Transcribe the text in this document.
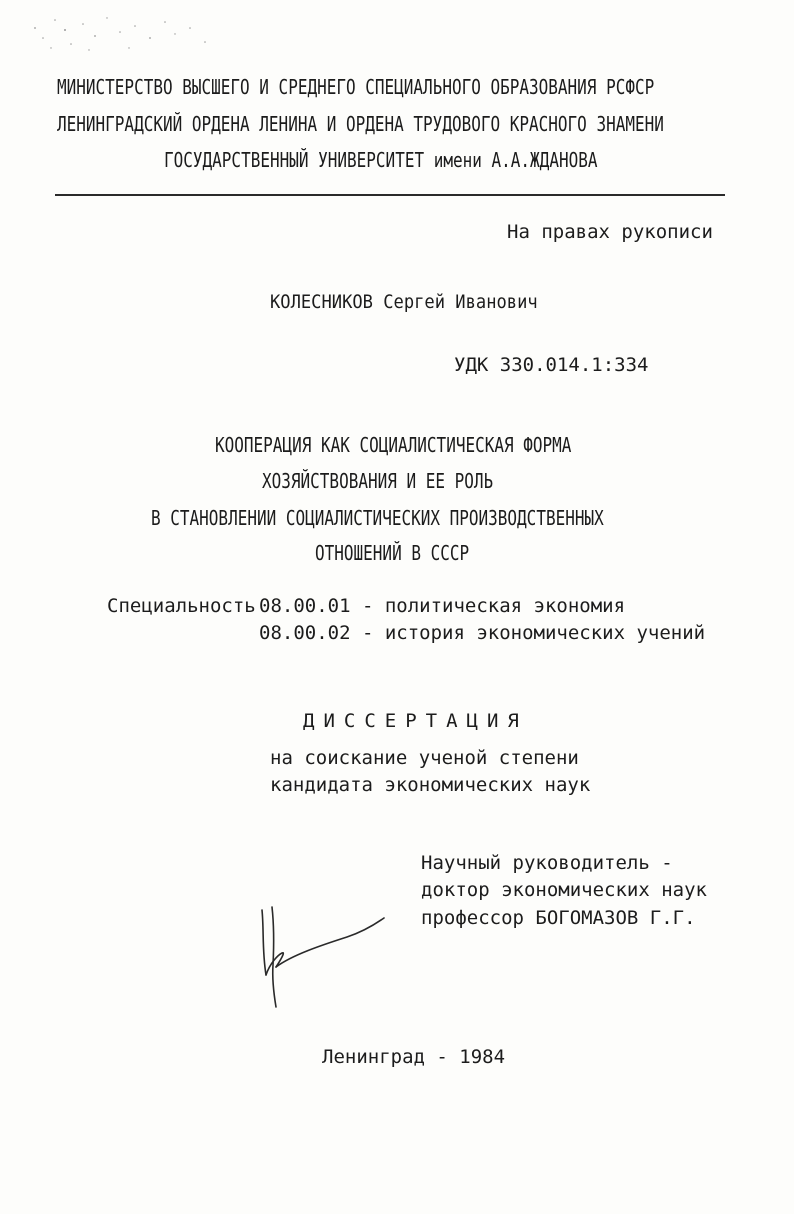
МИНИСТЕРСТВО ВЫСШЕГО И СРЕДНЕГО СПЕЦИАЛЬНОГО ОБРАЗОВАНИЯ РСФСР
ЛЕНИНГРАДСКИЙ ОРДЕНА ЛЕНИНА И ОРДЕНА ТРУДОВОГО КРАСНОГО ЗНАМЕНИ
ГОСУДАРСТВЕННЫЙ УНИВЕРСИТЕТ имени А.А.ЖДАНОВА
На правах рукописи
КОЛЕСНИКОВ Сергей Иванович
УДК 330.014.1:334
КООПЕРАЦИЯ КАК СОЦИАЛИСТИЧЕСКАЯ ФОРМА
ХОЗЯЙСТВОВАНИЯ И ЕЕ РОЛЬ
В СТАНОВЛЕНИИ СОЦИАЛИСТИЧЕСКИХ ПРОИЗВОДСТВЕННЫХ
ОТНОШЕНИЙ В СССР
Специальность 08.00.01 - политическая экономия
08.00.02 - история экономических учений
ДИССЕРТАЦИЯ
на соискание ученой степени
кандидата экономических наук
Научный руководитель -
доктор экономических наук
профессор БОГОМАЗОВ Г.Г.
Ленинград - 1984
